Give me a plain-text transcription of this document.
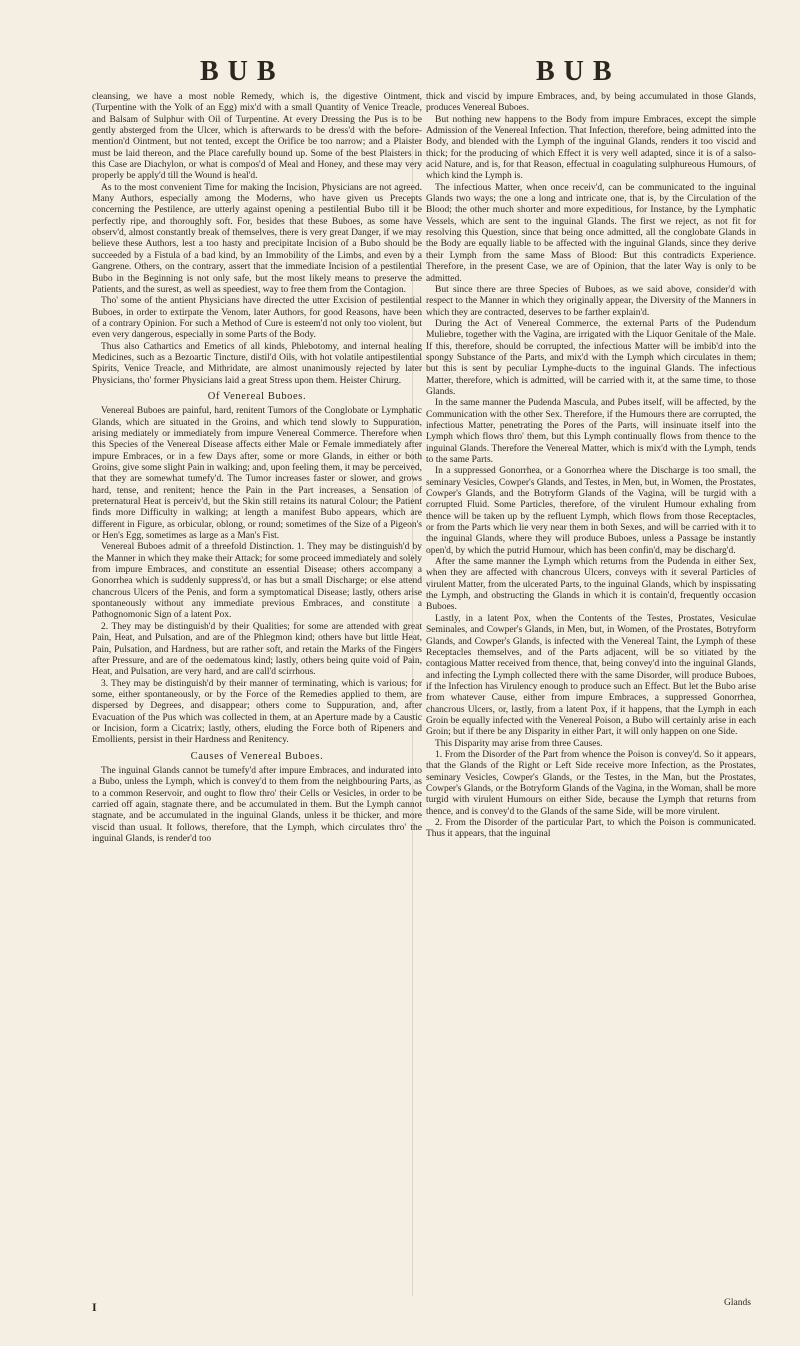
BUB	BUB

cleansing, we have a most noble Remedy, which is, the digestive Ointment, (Turpentine with the Yolk of an Egg) mix'd with a small Quantity of Venice Treacle, and Balsam of Sulphur with Oil of Turpentine. At every Dressing the Pus is to be gently absterged from the Ulcer, which is afterwards to be dress'd with the before-mention'd Ointment, but not tented, except the Orifice be too narrow; and a Plaister must be laid thereon, and the Place carefully bound up. Some of the best Plaisters in this Case are Diachylon, or what is compos'd of Meal and Honey, and these may very properly be apply'd till the Wound is heal'd.

As to the most convenient Time for making the Incision, Physicians are not agreed. Many Authors, especially among the Moderns, who have given us Precepts concerning the Pestilence, are utterly against opening a pestilential Bubo till it be perfectly ripe, and thoroughly soft. For, besides that these Buboes, as some have observ'd, almost constantly break of themselves, there is very great Danger, if we may believe these Authors, lest a too hasty and precipitate Incision of a Bubo should be succeeded by a Fistula of a bad kind, by an Immobility of the Limbs, and even by a Gangrene. Others, on the contrary, assert that the immediate Incision of a pestilential Bubo in the Beginning is not only safe, but the most likely means to preserve the Patients, and the surest, as well as speediest, way to free them from the Contagion.

Tho' some of the antient Physicians have directed the utter Excision of pestilential Buboes, in order to extirpate the Venom, later Authors, for good Reasons, have been of a contrary Opinion. For such a Method of Cure is esteem'd not only too violent, but even very dangerous, especially in some Parts of the Body.

Thus also Cathartics and Emetics of all kinds, Phlebotomy, and internal healing Medicines, such as a Bezoartic Tincture, distil'd Oils, with hot volatile antipestilential Spirits, Venice Treacle, and Mithridate, are almost unanimously rejected by later Physicians, tho' former Physicians laid a great Stress upon them. Heister Chirurg.

Of Venereal Buboes.

Venereal Buboes are painful, hard, renitent Tumors of the Conglobate or Lymphatic Glands, which are situated in the Groins, and which tend slowly to Suppuration, arising mediately or immediately from impure Venereal Commerce. Therefore when this Species of the Venereal Disease affects either Male or Female immediately after impure Embraces, or in a few Days after, some or more Glands, in either or both Groins, give some slight Pain in walking; and, upon feeling them, it may be perceived, that they are somewhat tumefy'd. The Tumor increases faster or slower, and grows hard, tense, and renitent; hence the Pain in the Part increases, a Sensation of preternatural Heat is perceiv'd, but the Skin still retains its natural Colour; the Patient finds more Difficulty in walking; at length a manifest Bubo appears, which are different in Figure, as orbicular, oblong, or round; sometimes of the Size of a Pigeon's or Hen's Egg, sometimes as large as a Man's Fist.

Venereal Buboes admit of a threefold Distinction. 1. They may be distinguish'd by the Manner in which they make their Attack; for some proceed immediately and solely from impure Embraces, and constitute an essential Disease; others accompany a Gonorrhea which is suddenly suppress'd, or has but a small Discharge; or else attend chancrous Ulcers of the Penis, and form a symptomatical Disease; lastly, others arise spontaneously without any immediate previous Embraces, and constitute a Pathognomonic Sign of a latent Pox.

2. They may be distinguish'd by their Qualities; for some are attended with great Pain, Heat, and Pulsation, and are of the Phlegmon kind; others have but little Heat, Pain, Pulsation, and Hardness, but are rather soft, and retain the Marks of the Fingers after Pressure, and are of the oedematous kind; lastly, others being quite void of Pain, Heat, and Pulsation, are very hard, and are call'd scirrhous.

3. They may be distinguish'd by their manner of terminating, which is various; for some, either spontaneously, or by the Force of the Remedies applied to them, are dispersed by Degrees, and disappear; others come to Suppuration, and, after Evacuation of the Pus which was collected in them, at an Aperture made by a Caustic or Incision, form a Cicatrix; lastly, others, eluding the Force both of Ripeners and Emollients, persist in their Hardness and Renitency.

Causes of Venereal Buboes.

The inguinal Glands cannot be tumefy'd after impure Embraces, and indurated into a Bubo, unless the Lymph, which is convey'd to them from the neighbouring Parts, as to a common Reservoir, and ought to flow thro' their Cells or Vesicles, in order to be carried off again, stagnate there, and be accumulated in them. But the Lymph cannot stagnate, and be accumulated in the inguinal Glands, unless it be thicker, and more viscid than usual. It follows, therefore, that the Lymph, which circulates thro' the inguinal Glands, is render'd too

thick and viscid by impure Embraces, and, by being accumulated in those Glands, produces Venereal Buboes.

But nothing new happens to the Body from impure Embraces, except the simple Admission of the Venereal Infection. That Infection, therefore, being admitted into the Body, and blended with the Lymph of the inguinal Glands, renders it too viscid and thick; for the producing of which Effect it is very well adapted, since it is of a salso-acid Nature, and is, for that Reason, effectual in coagulating sulphureous Humours, of which kind the Lymph is.

The infectious Matter, when once receiv'd, can be communicated to the inguinal Glands two ways; the one a long and intricate one, that is, by the Circulation of the Blood; the other much shorter and more expeditious, for Instance, by the Lymphatic Vessels, which are sent to the inguinal Glands. The first we reject, as not fit for resolving this Question, since that being once admitted, all the conglobate Glands in the Body are equally liable to be affected with the inguinal Glands, since they derive their Lymph from the same Mass of Blood: But this contradicts Experience. Therefore, in the present Case, we are of Opinion, that the later Way is only to be admitted.

But since there are three Species of Buboes, as we said above, consider'd with respect to the Manner in which they originally appear, the Diversity of the Manners in which they are contracted, deserves to be farther explain'd.

During the Act of Venereal Commerce, the external Parts of the Pudendum Muliebre, together with the Vagina, are irrigated with the Liquor Genitale of the Male. If this, therefore, should be corrupted, the infectious Matter will be imbib'd into the spongy Substance of the Parts, and mix'd with the Lymph which circulates in them; but this is sent by peculiar Lymphe-ducts to the inguinal Glands. The infectious Matter, therefore, which is admitted, will be carried with it, at the same time, to those Glands.

In the same manner the Pudenda Mascula, and Pubes itself, will be affected, by the Communication with the other Sex. Therefore, if the Humours there are corrupted, the infectious Matter, penetrating the Pores of the Parts, will insinuate itself into the Lymph which flows thro' them, but this Lymph continually flows from thence to the inguinal Glands. Therefore the Venereal Matter, which is mix'd with the Lymph, tends to the same Parts.

In a suppressed Gonorrhea, or a Gonorrhea where the Discharge is too small, the seminary Vesicles, Cowper's Glands, and Testes, in Men, but, in Women, the Prostates, Cowper's Glands, and the Botryform Glands of the Vagina, will be turgid with a corrupted Fluid. Some Particles, therefore, of the virulent Humour exhaling from thence will be taken up by the refluent Lymph, which flows from those Receptacles, or from the Parts which lie very near them in both Sexes, and will be carried with it to the inguinal Glands, where they will produce Buboes, unless a Passage be instantly open'd, by which the putrid Humour, which has been confin'd, may be discharg'd.

After the same manner the Lymph which returns from the Pudenda in either Sex, when they are affected with chancrous Ulcers, conveys with it several Particles of virulent Matter, from the ulcerated Parts, to the inguinal Glands, which by inspissating the Lymph, and obstructing the Glands in which it is contain'd, frequently occasion Buboes.

Lastly, in a latent Pox, when the Contents of the Testes, Prostates, Vesiculae Seminales, and Cowper's Glands, in Men, but, in Women, of the Prostates, Botryform Glands, and Cowper's Glands, is infected with the Venereal Taint, the Lymph of these Receptacles themselves, and of the Parts adjacent, will be so vitiated by the contagious Matter received from thence, that, being convey'd into the inguinal Glands, and infecting the Lymph collected there with the same Disorder, will produce Buboes, if the Infection has Virulency enough to produce such an Effect. But let the Bubo arise from whatever Cause, either from impure Embraces, a suppressed Gonorrhea, chancrous Ulcers, or, lastly, from a latent Pox, if it happens, that the Lymph in each Groin be equally infected with the Venereal Poison, a Bubo will certainly arise in each Groin; but if there be any Disparity in either Part, it will only happen on one Side.

This Disparity may arise from three Causes.

1. From the Disorder of the Part from whence the Poison is convey'd. So it appears, that the Glands of the Right or Left Side receive more Infection, as the Prostates, seminary Vesicles, Cowper's Glands, or the Testes, in the Man, but the Prostates, Cowper's Glands, or the Botryform Glands of the Vagina, in the Woman, shall be more turgid with virulent Humours on either Side, because the Lymph that returns from thence, and is convey'd to the Glands of the same Side, will be more virulent.

2. From the Disorder of the particular Part, to which the Poison is communicated. Thus it appears, that the inguinal

I	Glands
